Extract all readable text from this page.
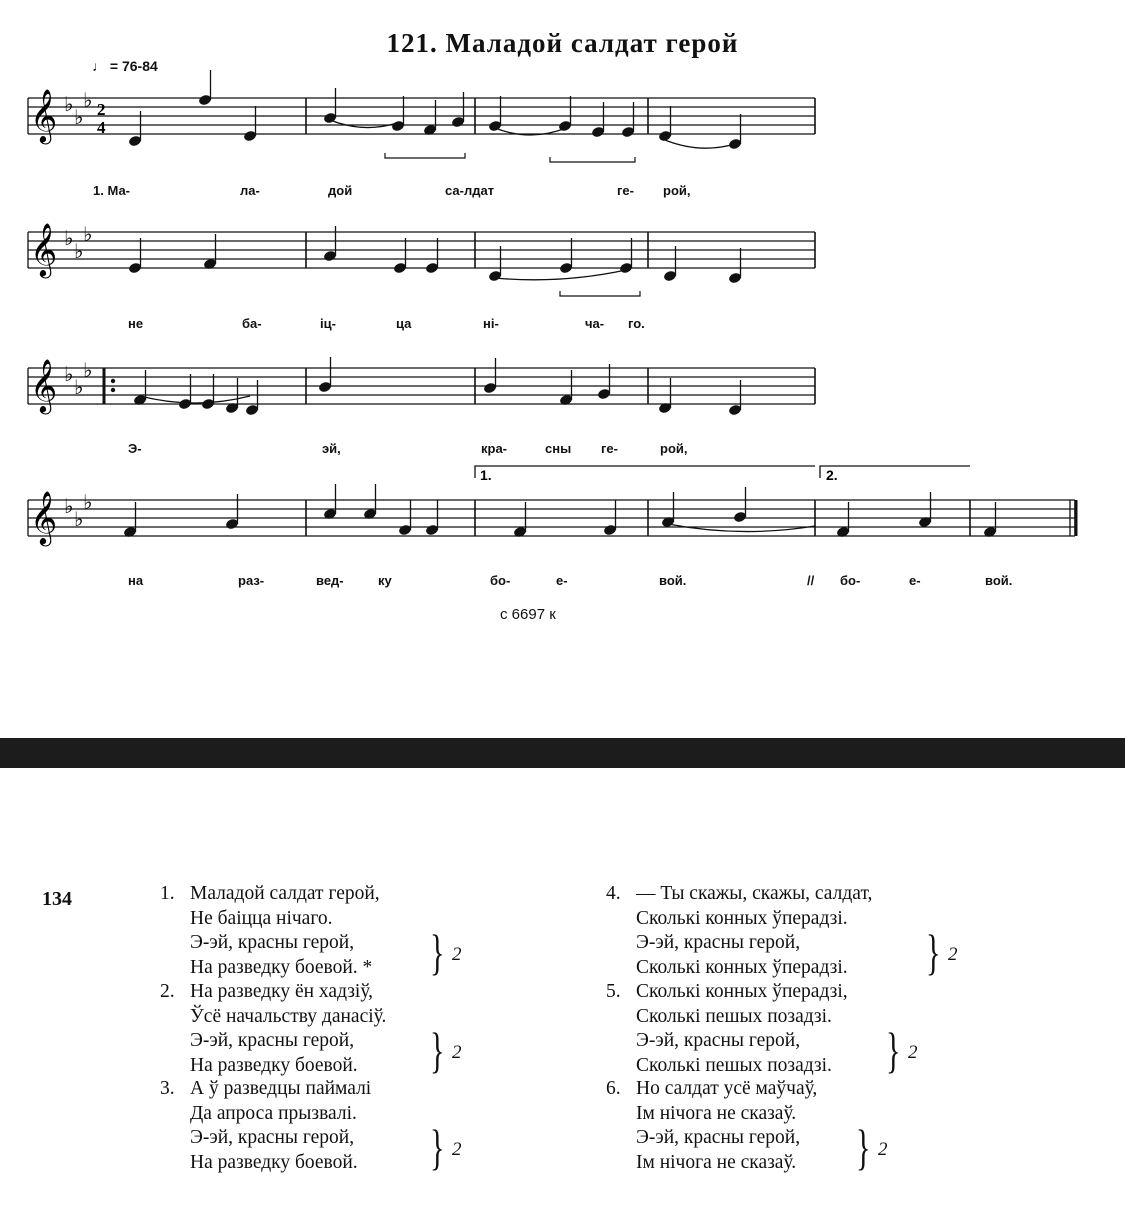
𝄞 ♭
♭
♭
𝄞 ♭
♭
♭
𝄞 ♭
♭
♭
𝄞 ♭
♭
♭
2
4
1.	2.
121. Маладой салдат герой
♩ = 76-84
1. Ма-	ла-	дой	са-лдат	ге- рой,
не	ба-	іц-	ца	ні-	ча- го.
Э-	эй,	кра-	сны ге-	рой,
на	раз-	вед-	ку	бо-	е-	вой.	// бо-	е-	вой.
с 6697 к
134	1. Маладой салдат герой,
Не баіцца нічаго.
Э-эй, красны герой,
На разведку боевой. * } 2
2. На разведку ён хадзіў,
Ўсё начальству данасіў.
Э-эй, красны герой,
На разведку боевой.	} 2
3. А ў разведцы паймалі
Да апроса прызвалі.
Э-эй, красны герой,
На разведку боевой. } 2
4. — Ты скажы, скажы, салдат,
Сколькі конных ўперадзі.
Э-эй, красны герой,
Сколькі конных ўперадзі.	} 2
5. Сколькі конных ўперадзі,
Сколькі пешых позадзі.
Э-эй, красны герой,
Сколькі пешых позадзі.	} 2
6. Но салдат усё маўчаў,
Ім нічога не сказаў.
Э-эй, красны герой,
Ім нічога не сказаў.	} 2
